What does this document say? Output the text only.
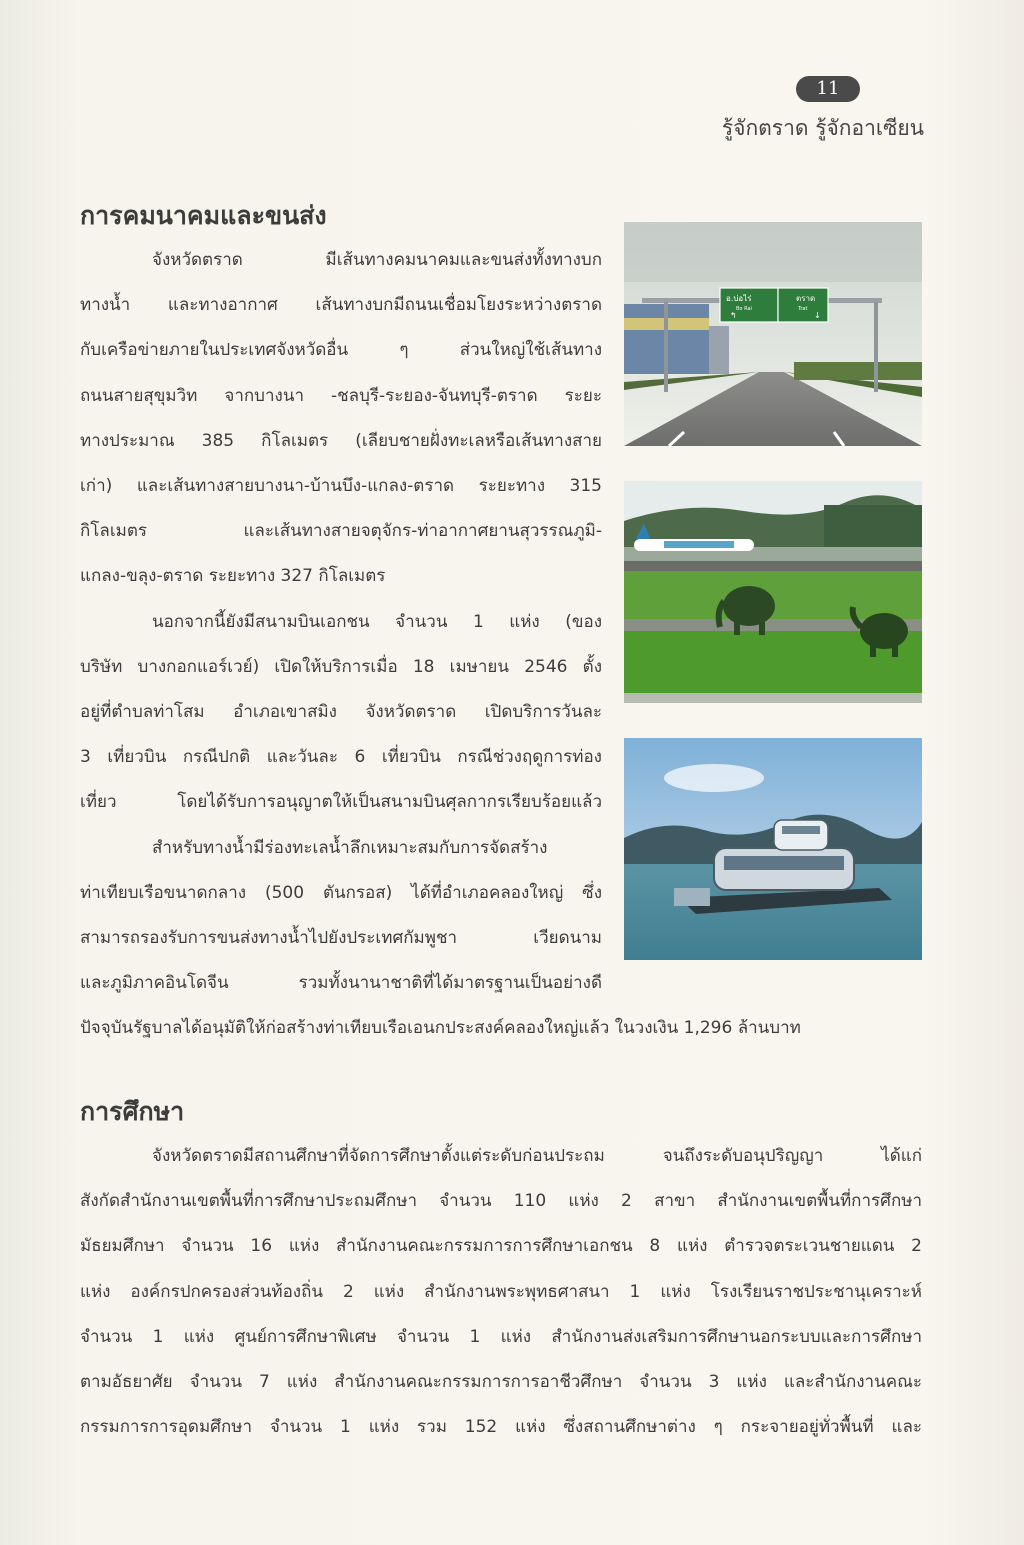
11
รู้จักตราด รู้จักอาเซียน
การคมนาคมและขนส่ง
จังหวัดตราด มีเส้นทางคมนาคมและขนส่งทั้งทางบก
ทางน้ำ และทางอากาศ เส้นทางบกมีถนนเชื่อมโยงระหว่างตราด
กับเครือข่ายภายในประเทศจังหวัดอื่น ๆ ส่วนใหญ่ใช้เส้นทาง
ถนนสายสุขุมวิท จากบางนา -ชลบุรี-ระยอง-จันทบุรี-ตราด ระยะ
ทางประมาณ 385 กิโลเมตร (เลียบชายฝั่งทะเลหรือเส้นทางสาย
เก่า) และเส้นทางสายบางนา-บ้านบึง-แกลง-ตราด ระยะทาง 315
กิโลเมตร และเส้นทางสายจตุจักร-ท่าอากาศยานสุวรรณภูมิ-
แกลง-ขลุง-ตราด ระยะทาง 327 กิโลเมตร
นอกจากนี้ยังมีสนามบินเอกชน จำนวน 1 แห่ง (ของ
บริษัท บางกอกแอร์เวย์) เปิดให้บริการเมื่อ 18 เมษายน 2546 ตั้ง
อยู่ที่ตำบลท่าโสม อำเภอเขาสมิง จังหวัดตราด เปิดบริการวันละ
3 เที่ยวบิน กรณีปกติ และวันละ 6 เที่ยวบิน กรณีช่วงฤดูการท่อง
เที่ยว โดยได้รับการอนุญาตให้เป็นสนามบินศุลกากรเรียบร้อยแล้ว
สำหรับทางน้ำมีร่องทะเลน้ำลึกเหมาะสมกับการจัดสร้าง
ท่าเทียบเรือขนาดกลาง (500 ตันกรอส) ได้ที่อำเภอคลองใหญ่ ซึ่ง
สามารถรองรับการขนส่งทางน้ำไปยังประเทศกัมพูชา เวียดนาม
และภูมิภาคอินโดจีน รวมทั้งนานาชาติที่ได้มาตรฐานเป็นอย่างดี
ปัจจุบันรัฐบาลได้อนุมัติให้ก่อสร้างท่าเทียบเรือเอนกประสงค์คลองใหญ่แล้ว ในวงเงิน 1,296 ล้านบาท
อ.บ่อไร่
Bo Rai
ตราด
Trat
↰	↓
การศึกษา
จังหวัดตราดมีสถานศึกษาที่จัดการศึกษาตั้งแต่ระดับก่อนประถม จนถึงระดับอนุปริญญา ได้แก่
สังกัดสำนักงานเขตพื้นที่การศึกษาประถมศึกษา จำนวน 110 แห่ง 2 สาขา สำนักงานเขตพื้นที่การศึกษา
มัธยมศึกษา จำนวน 16 แห่ง สำนักงานคณะกรรมการการศึกษาเอกชน 8 แห่ง ตำรวจตระเวนชายแดน 2
แห่ง องค์กรปกครองส่วนท้องถิ่น 2 แห่ง สำนักงานพระพุทธศาสนา 1 แห่ง โรงเรียนราชประชานุเคราะห์
จำนวน 1 แห่ง ศูนย์การศึกษาพิเศษ จำนวน 1 แห่ง สำนักงานส่งเสริมการศึกษานอกระบบและการศึกษา
ตามอัธยาศัย จำนวน 7 แห่ง สำนักงานคณะกรรมการการอาชีวศึกษา จำนวน 3 แห่ง และสำนักงานคณะ
กรรมการการอุดมศึกษา จำนวน 1 แห่ง รวม 152 แห่ง ซึ่งสถานศึกษาต่าง ๆ กระจายอยู่ทั่วพื้นที่ และ
